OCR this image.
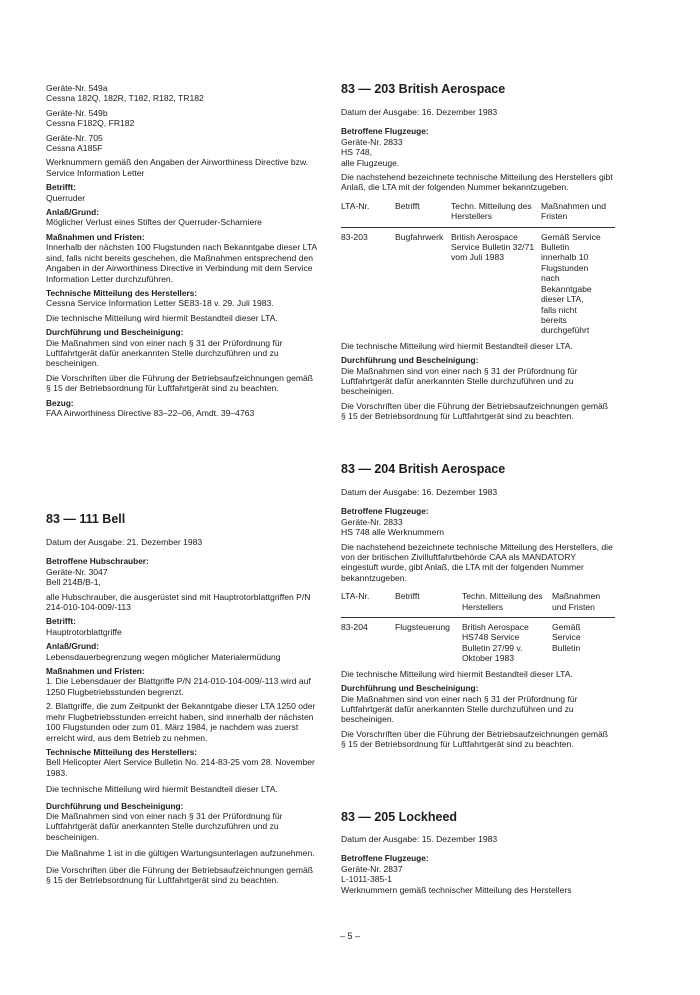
Geräte-Nr. 549a

Cessna 182Q, 182R, T182, R182, TR182

Geräte-Nr. 549b

Cessna F182Q, FR182

Geräte-Nr. 705

Cessna A185F

Werknummern gemäß den Angaben der Airworthiness Directive bzw. Service Information Letter

Betrifft:

Querruder

Anlaß/Grund:

Möglicher Verlust eines Stiftes der Querruder-Scharniere

Maßnahmen und Fristen:

Innerhalb der nächsten 100 Flugstunden nach Bekanntgabe dieser LTA sind, falls nicht bereits geschehen, die Maßnahmen entsprechend den Angaben in der Airworthiness Directive in Verbindung mit dem Service Information Letter durchzuführen.

Technische Mitteilung des Herstellers:

Cessna Service Information Letter SE83-18 v. 29. Juli 1983.

Die technische Mitteilung wird hiermit Bestandteil dieser LTA.

Durchführung und Bescheinigung:

Die Maßnahmen sind von einer nach § 31 der Prüfordnung für Luftfahrtgerät dafür anerkannten Stelle durchzuführen und zu bescheinigen.

Die Vorschriften über die Führung der Betriebsaufzeichnungen gemäß § 15 der Betriebsordnung für Luftfahrtgerät sind zu beachten.

Bezug:

FAA Airworthiness Directive 83–22–06, Amdt. 39–4763

83 — 111 Bell

Datum der Ausgabe: 21. Dezember 1983

Betroffene Hubschrauber:

Geräte-Nr. 3047

Bell 214B/B-1,

alle Hubschrauber, die ausgerüstet sind mit Hauptrotorblattgriffen P/N 214-010-104-009/-113

Betrifft:

Hauptrotorblattgriffe

Anlaß/Grund:

Lebensdauerbegrenzung wegen möglicher Materialermüdung

Maßnahmen und Fristen:

1. Die Lebensdauer der Blattgriffe P/N 214-010-104-009/-113 wird auf 1250 Flugbetriebsstunden begrenzt.

2. Blattgriffe, die zum Zeitpunkt der Bekanntgabe dieser LTA 1250 oder mehr Flugbetriebsstunden erreicht haben, sind innerhalb der nächsten 100 Flugstunden oder zum 01. März 1984, je nachdem was zuerst erreicht wird, aus dem Betrieb zu nehmen.

Technische Mitteilung des Herstellers:

Bell Helicopter Alert Service Bulletin No. 214-83-25 vom 28. November 1983.

Die technische Mitteilung wird hiermit Bestandteil dieser LTA.

Durchführung und Bescheinigung:

Die Maßnahmen sind von einer nach § 31 der Prüfordnung für Luftfahrtgerät dafür anerkannten Stelle durchzuführen und zu bescheinigen.

Die Maßnahme 1 ist in die gültigen Wartungsunterlagen aufzunehmen.

Die Vorschriften über die Führung der Betriebsaufzeichnungen gemäß § 15 der Betriebsordnung für Luftfahrtgerät sind zu beachten.

83 — 203 British Aerospace

Datum der Ausgabe: 16. Dezember 1983

Betroffene Flugzeuge:

Geräte-Nr. 2833

HS 748,

alle Flugzeuge.

Die nachstehend bezeichnete technische Mitteilung des Herstellers gibt Anlaß, die LTA mit der folgenden Nummer bekanntzugeben.

LTA-Nr.	Betrifft	Techn. Mitteilung des Herstellers	Maßnahmen und Fristen

83-203	Bugfahrwerk	British Aerospace Service Bulletin 32/71 vom Juli 1983	Gemäß Service Bulletin innerhalb 10 Flugstunden nach Bekanntgabe dieser LTA, falls nicht bereits durchgeführt

Die technische Mitteilung wird hiermit Bestandteil dieser LTA.

Durchführung und Bescheinigung:

Die Maßnahmen sind von einer nach § 31 der Prüfordnung für Luftfahrtgerät dafür anerkannten Stelle durchzuführen und zu bescheinigen.

Die Vorschriften über die Führung der Betriebsaufzeichnungen gemäß § 15 der Betriebsordnung für Luftfahrtgerät sind zu beachten.

83 — 204 British Aerospace

Datum der Ausgabe: 16. Dezember 1983

Betroffene Flugzeuge:

Geräte-Nr. 2833

HS 748 alle Werknummern

Die nachstehend bezeichnete technische Mitteilung des Herstellers, die von der britischen Zivilluftfahrtbehörde CAA als MANDATORY eingestuft wurde, gibt Anlaß, die LTA mit der folgenden Nummer bekanntzugeben.

LTA-Nr.	Betrifft	Techn. Mitteilung des Herstellers	Maßnahmen und Fristen

83-204	Flugsteuerung	British Aerospace HS748 Service Bulletin 27/99 v. Oktober 1983	Gemäß Service Bulletin

Die technische Mitteilung wird hiermit Bestandteil dieser LTA.

Durchführung und Bescheinigung:

Die Maßnahmen sind von einer nach § 31 der Prüfordnung für Luftfahrtgerät dafür anerkannten Stelle durchzuführen und zu bescheinigen.

Die Vorschriften über die Führung der Betriebsaufzeichnungen gemäß § 15 der Betriebsordnung für Luftfahrtgerät sind zu beachten.

83 — 205 Lockheed

Datum der Ausgabe: 15. Dezember 1983

Betroffene Flugzeuge:

Geräte-Nr. 2837

L-1011-385-1

Werknummern gemäß technischer Mitteilung des Herstellers

– 5 –
